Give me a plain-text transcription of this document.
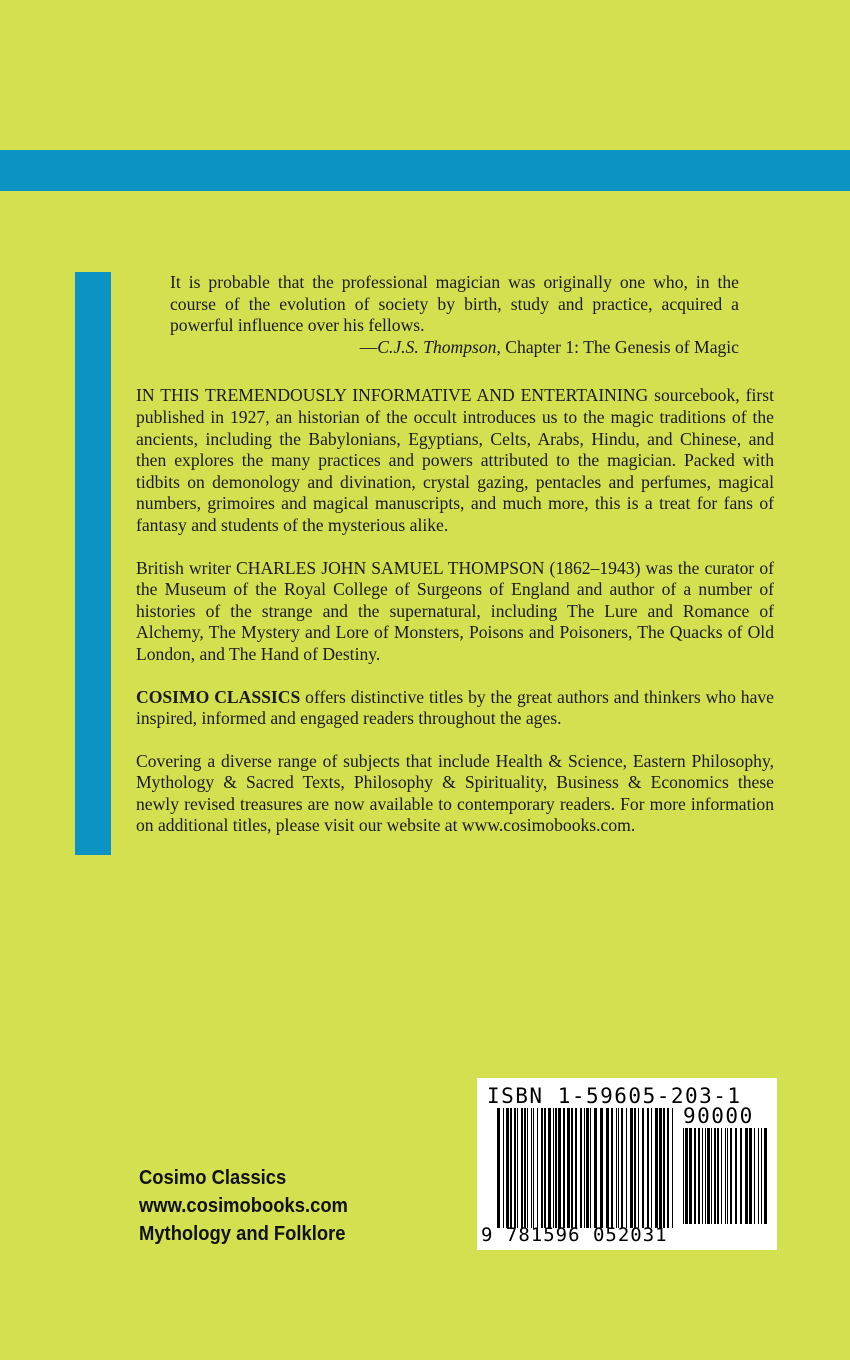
It is probable that the professional magician was originally one who, in the course of the evolution of society by birth, study and practice, acquired a powerful influence over his fellows.

—C.J.S. Thompson, Chapter 1: The Genesis of Magic

IN THIS TREMENDOUSLY INFORMATIVE AND ENTERTAINING sourcebook, first published in 1927, an historian of the occult introduces us to the magic traditions of the ancients, including the Babylonians, Egyptians, Celts, Arabs, Hindu, and Chinese, and then explores the many practices and powers attributed to the magician. Packed with tidbits on demonology and divination, crystal gazing, pentacles and perfumes, magical numbers, grimoires and magical manuscripts, and much more, this is a treat for fans of fantasy and students of the mysterious alike.

British writer CHARLES JOHN SAMUEL THOMPSON (1862–1943) was the curator of the Museum of the Royal College of Surgeons of England and author of a number of histories of the strange and the supernatural, including The Lure and Romance of Alchemy, The Mystery and Lore of Monsters, Poisons and Poisoners, The Quacks of Old London, and The Hand of Destiny.

COSIMO CLASSICS offers distinctive titles by the great authors and thinkers who have inspired, informed and engaged readers throughout the ages.

Covering a diverse range of subjects that include Health & Science, Eastern Philosophy, Mythology & Sacred Texts, Philosophy & Spirituality, Business & Economics these newly revised treasures are now available to contemporary readers. For more information on additional titles, please visit our website at www.cosimobooks.com.

Cosimo Classics
www.cosimobooks.com
Mythology and Folklore
ISBN 1-59605-203-1
90000
9 781596 052031
